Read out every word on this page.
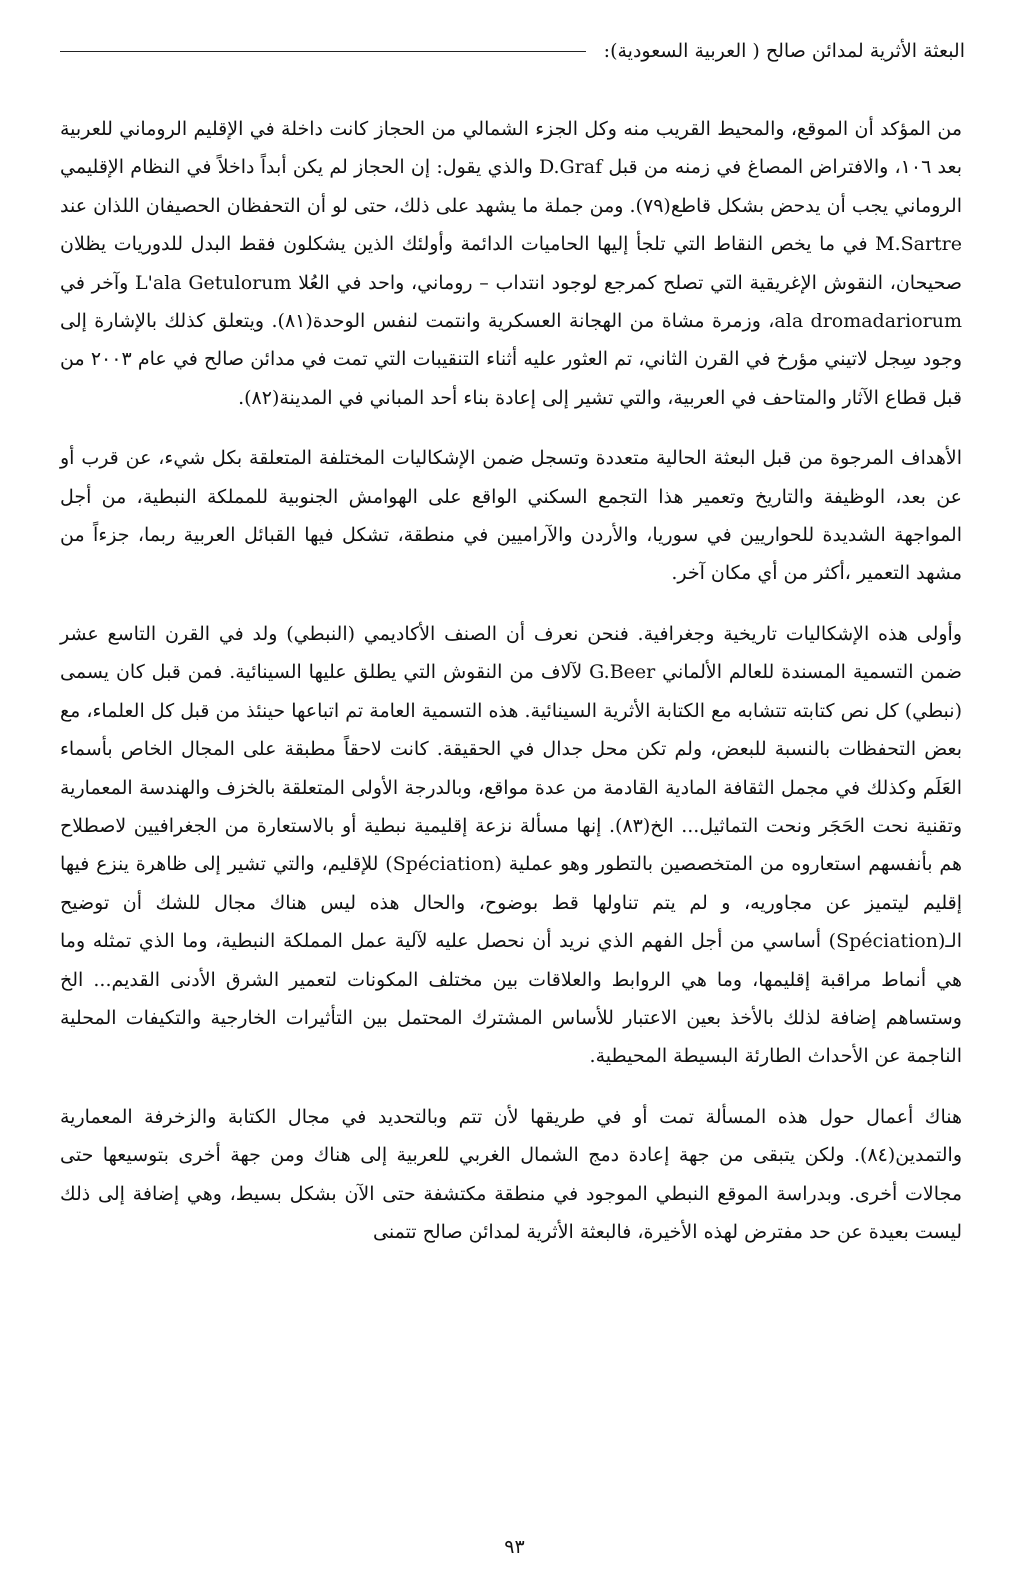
البعثة الأثرية لمدائن صالح ( العربية السعودية):

من المؤكد أن الموقع، والمحيط القريب منه وكل الجزء الشمالي من الحجاز كانت داخلة في الإقليم الروماني للعربية بعد ١٠٦، والافتراض المصاغ في زمنه من قبل D.Graf والذي يقول: إن الحجاز لم يكن أبداً داخلاً في النظام الإقليمي الروماني يجب أن يدحض بشكل قاطع(٧٩). ومن جملة ما يشهد على ذلك، حتى لو أن التحفظان الحصيفان اللذان عند M.Sartre في ما يخص النقاط التي تلجأ إليها الحاميات الدائمة وأولئك الذين يشكلون فقط البدل للدوريات يظلان صحيحان، النقوش الإغريقية التي تصلح كمرجع لوجود انتداب – روماني، واحد في العُلا L'ala Getulorum وآخر في ala dromadariorum، وزمرة مشاة من الهجانة العسكرية وانتمت لنفس الوحدة(٨١). ويتعلق كذلك بالإشارة إلى وجود سِجل لاتيني مؤرخ في القرن الثاني، تم العثور عليه أثناء التنقيبات التي تمت في مدائن صالح في عام ٢٠٠٣ من قبل قطاع الآثار والمتاحف في العربية، والتي تشير إلى إعادة بناء أحد المباني في المدينة(٨٢).

الأهداف المرجوة من قبل البعثة الحالية متعددة وتسجل ضمن الإشكاليات المختلفة المتعلقة بكل شيء، عن قرب أو عن بعد، الوظيفة والتاريخ وتعمير هذا التجمع السكني الواقع على الهوامش الجنوبية للمملكة النبطية، من أجل المواجهة الشديدة للحواريين في سوريا، والأردن والآراميين في منطقة، تشكل فيها القبائل العربية ربما، جزءاً من مشهد التعمير ،أكثر من أي مكان آخر.

وأولى هذه الإشكاليات تاريخية وجغرافية. فنحن نعرف أن الصنف الأكاديمي (النبطي) ولد في القرن التاسع عشر ضمن التسمية المسندة للعالم الألماني G.Beer لآلاف من النقوش التي يطلق عليها السينائية. فمن قبل كان يسمى (نبطي) كل نص كتابته تتشابه مع الكتابة الأثرية السينائية. هذه التسمية العامة تم اتباعها حينئذ من قبل كل العلماء، مع بعض التحفظات بالنسبة للبعض، ولم تكن محل جدال في الحقيقة. كانت لاحقاً مطبقة على المجال الخاص بأسماء العَلَم وكذلك في مجمل الثقافة المادية القادمة من عدة مواقع، وبالدرجة الأولى المتعلقة بالخزف والهندسة المعمارية وتقنية نحت الحَجَر ونحت التماثيل... الخ(٨٣). إنها مسألة نزعة إقليمية نبطية أو بالاستعارة من الجغرافيين لاصطلاح هم بأنفسهم استعاروه من المتخصصين بالتطور وهو عملية (Spéciation) للإقليم، والتي تشير إلى ظاهرة ينزع فيها إقليم ليتميز عن مجاوريه، و لم يتم تناولها قط بوضوح، والحال هذه ليس هناك مجال للشك أن توضيح الـ(Spéciation) أساسي من أجل الفهم الذي نريد أن نحصل عليه لآلية عمل المملكة النبطية، وما الذي تمثله وما هي أنماط مراقبة إقليمها، وما هي الروابط والعلاقات بين مختلف المكونات لتعمير الشرق الأدنى القديم... الخ وستساهم إضافة لذلك بالأخذ بعين الاعتبار للأساس المشترك المحتمل بين التأثيرات الخارجية والتكيفات المحلية الناجمة عن الأحداث الطارئة البسيطة المحيطية.

هناك أعمال حول هذه المسألة تمت أو في طريقها لأن تتم وبالتحديد في مجال الكتابة والزخرفة المعمارية والتمدين(٨٤). ولكن يتبقى من جهة إعادة دمج الشمال الغربي للعربية إلى هناك ومن جهة أخرى بتوسيعها حتى مجالات أخرى. وبدراسة الموقع النبطي الموجود في منطقة مكتشفة حتى الآن بشكل بسيط، وهي إضافة إلى ذلك ليست بعيدة عن حد مفترض لهذه الأخيرة، فالبعثة الأثرية لمدائن صالح تتمنى

٩٣
